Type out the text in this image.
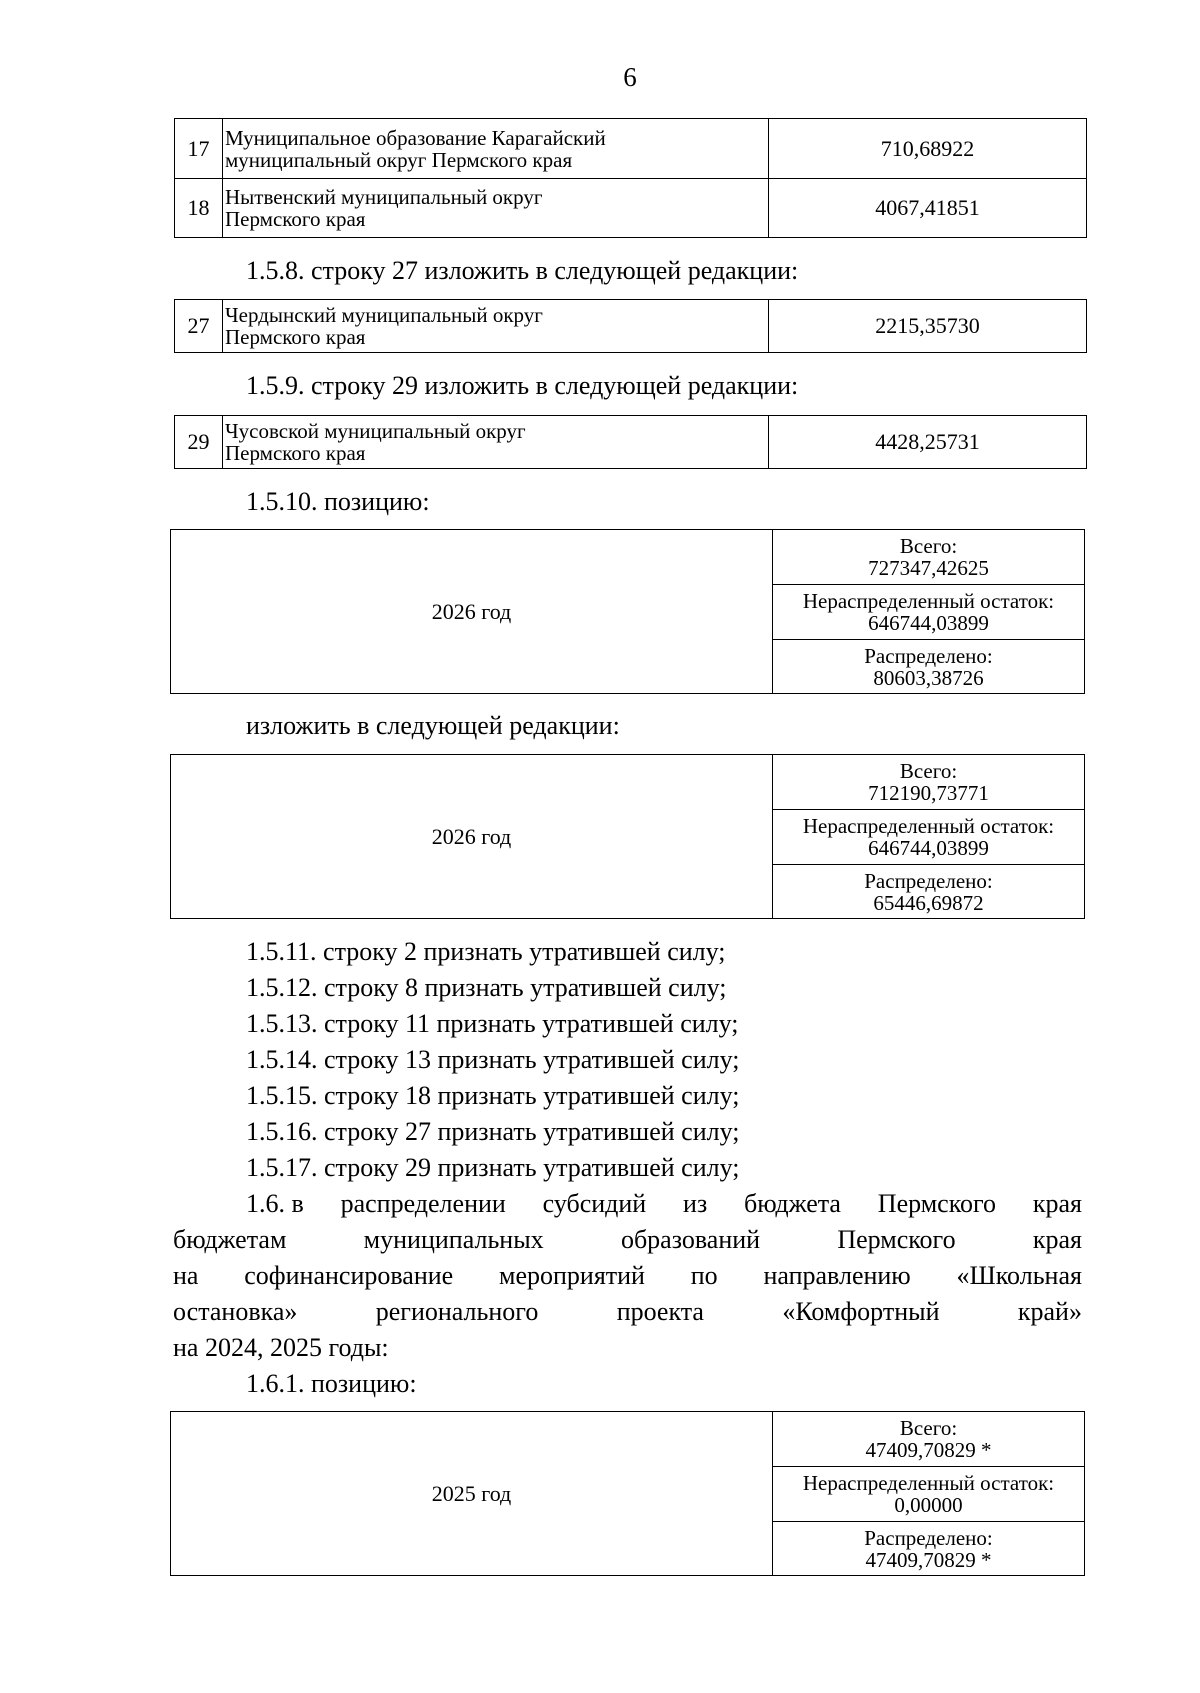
6
17	Муниципальное образование Карагайский
муниципальный округ Пермского края	710,68922
18	Нытвенский муниципальный округ
Пермского края	4067,41851
1.5.8. строку 27 изложить в следующей редакции:
27	Чердынский муниципальный округ
Пермского края	2215,35730
1.5.9. строку 29 изложить в следующей редакции:
29	Чусовской муниципальный округ
Пермского края	4428,25731
1.5.10. позицию:
2026 год	Всего:
727347,42625
Нераспределенный остаток:
646744,03899
Распределено:
80603,38726
изложить в следующей редакции:
2026 год	Всего:
712190,73771
Нераспределенный остаток:
646744,03899
Распределено:
65446,69872
1.5.11. строку 2 признать утратившей силу;
1.5.12. строку 8 признать утратившей силу;
1.5.13. строку 11 признать утратившей силу;
1.5.14. строку 13 признать утратившей силу;
1.5.15. строку 18 признать утратившей силу;
1.5.16. строку 27 признать утратившей силу;
1.5.17. строку 29 признать утратившей силу;
1.6. в распределении субсидий из бюджета Пермского края
бюджетам	муниципальных	образований	Пермского	края
на софинансирование мероприятий по направлению «Школьная
остановка»	регионального	проекта	«Комфортный	край»
на 2024, 2025 годы:
1.6.1. позицию:
2025 год	Всего:
47409,70829 *
Нераспределенный остаток:
0,00000
Распределено:
47409,70829 *
